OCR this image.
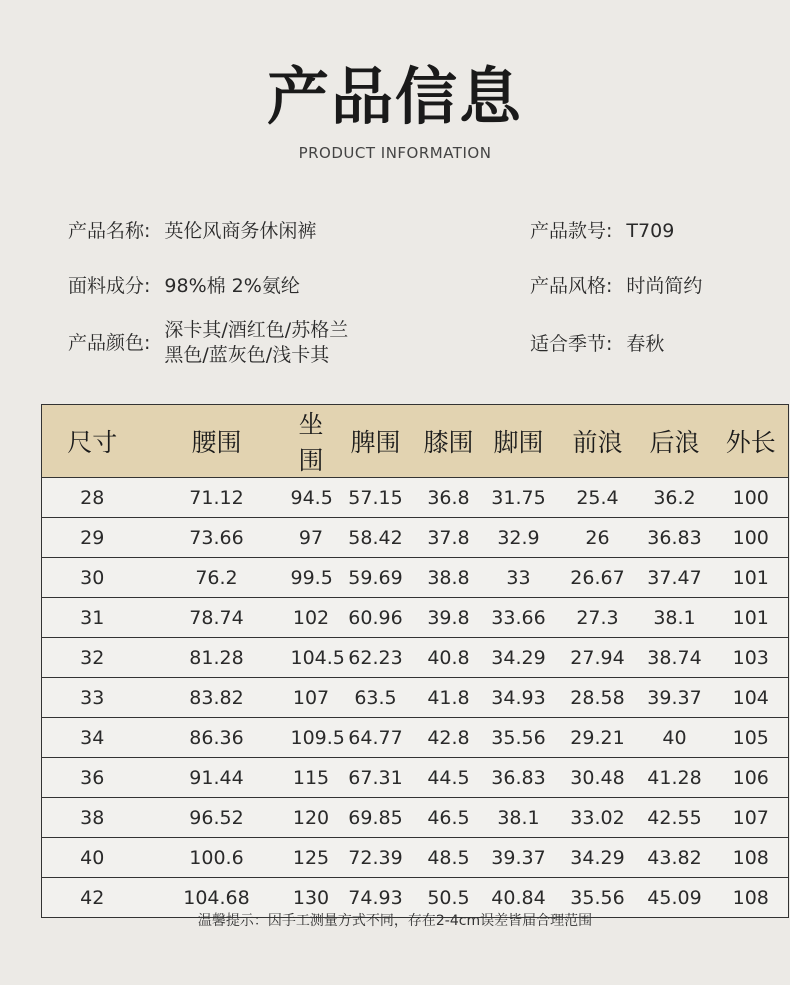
产品信息
PRODUCT INFORMATION
产品名称: 英伦风商务休闲裤	产品款号: T709
面料成分: 98%棉 2%氨纶	产品风格: 时尚简约
产品颜色:
深卡其/酒红色/苏格兰
黑色/蓝灰色/浅卡其	适合季节: 春秋
尺寸	腰围	坐围	脾围	膝围	脚围	前浪	后浪	外长
28	71.12	94.5	57.15	36.8	31.75	25.4	36.2	100
29	73.66	97	58.42	37.8	32.9	26	36.83	100
30	76.2	99.5	59.69	38.8	33	26.67	37.47	101
31	78.74	102	60.96	39.8	33.66	27.3	38.1	101
32	81.28	104.5	62.23	40.8	34.29	27.94	38.74	103
33	83.82	107	63.5	41.8	34.93	28.58	39.37	104
34	86.36	109.5	64.77	42.8	35.56	29.21	40	105
36	91.44	115	67.31	44.5	36.83	30.48	41.28	106
38	96.52	120	69.85	46.5	38.1	33.02	42.55	107
40	100.6	125	72.39	48.5	39.37	34.29	43.82	108
42	104.68	130	74.93	50.5	40.84	35.56	45.09	108
温馨提示：因手工测量方式不同，存在2-4cm误差皆届合理范围
